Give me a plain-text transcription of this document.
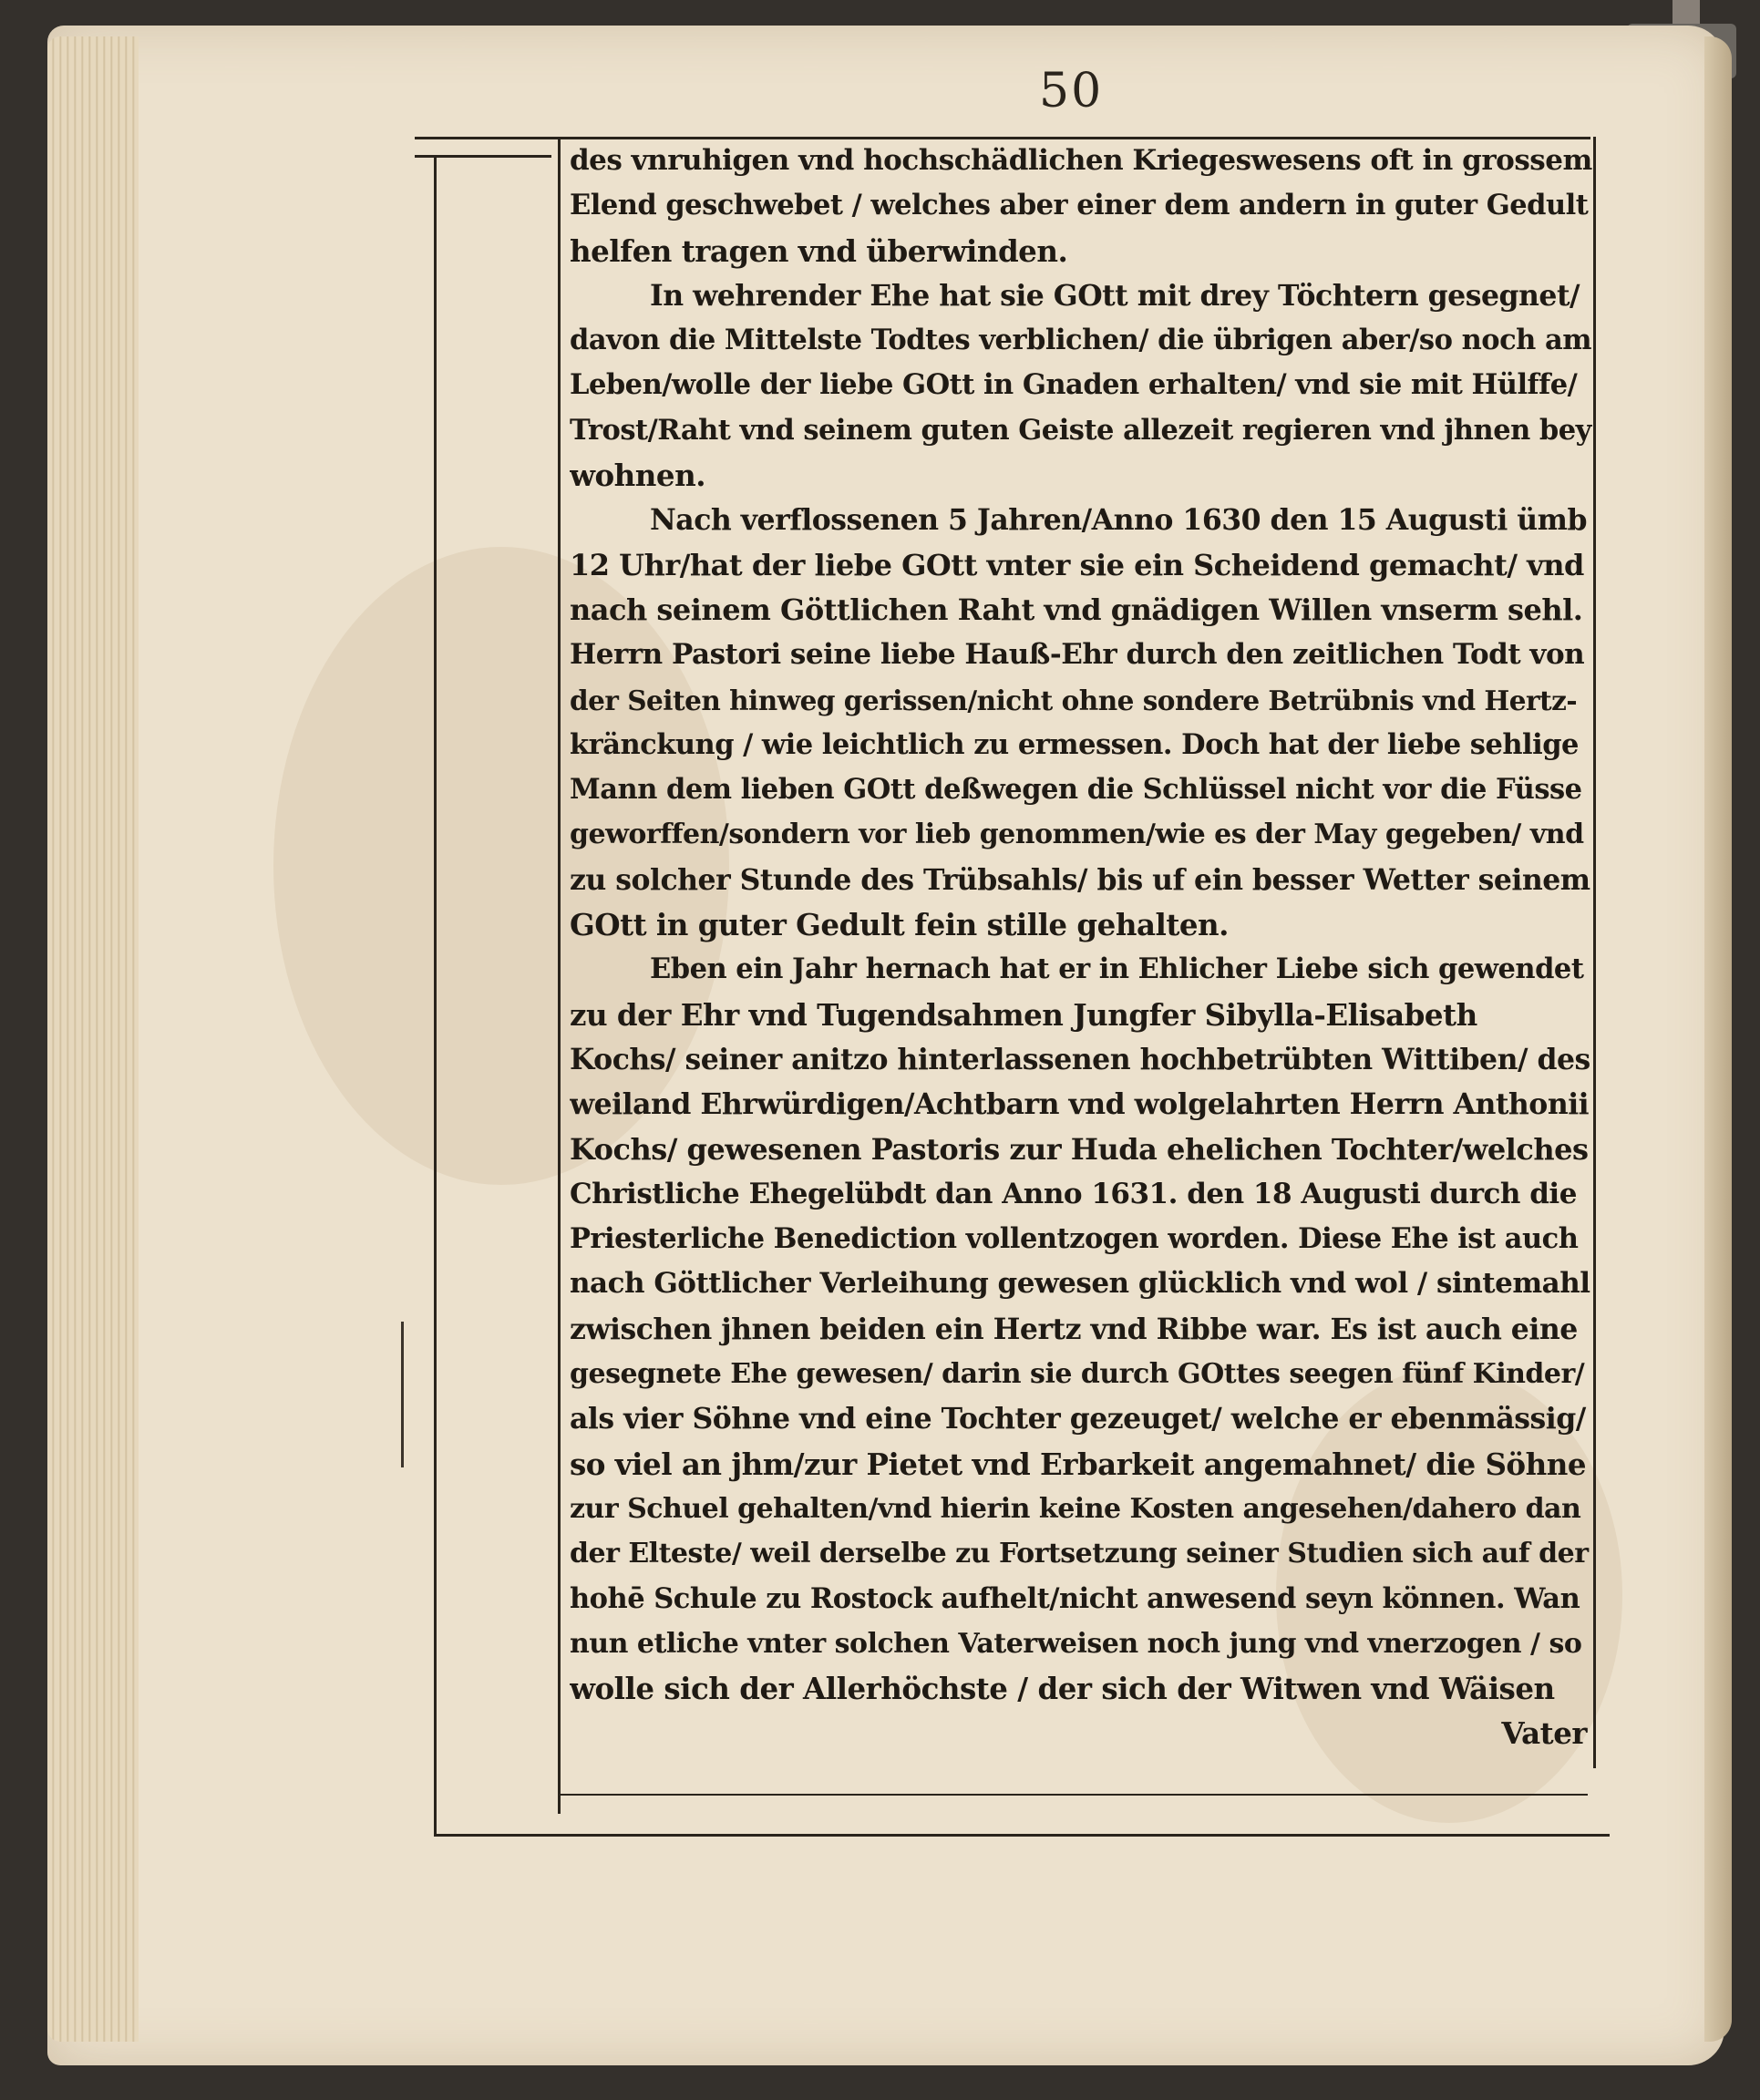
50
des vnruhigen vnd hochschädlichen Kriegeswesens oft in grossem
Elend geschwebet / welches aber einer dem andern in guter Gedult
helfen tragen vnd überwinden.
In wehrender Ehe hat sie GOtt mit drey Töchtern gesegnet/
davon die Mittelste Todtes verblichen/ die übrigen aber/so noch am
Leben/wolle der liebe GOtt in Gnaden erhalten/ vnd sie mit Hülffe/
Trost/Raht vnd seinem guten Geiste allezeit regieren vnd jhnen bey
wohnen.
Nach verflossenen 5 Jahren/Anno 1630 den 15 Augusti ümb
12 Uhr/hat der liebe GOtt vnter sie ein Scheidend gemacht/ vnd
nach seinem Göttlichen Raht vnd gnädigen Willen vnserm sehl.
Herrn Pastori seine liebe Hauß-Ehr durch den zeitlichen Todt von
der Seiten hinweg gerissen/nicht ohne sondere Betrübnis vnd Hertz-
kränckung / wie leichtlich zu ermessen. Doch hat der liebe sehlige
Mann dem lieben GOtt deßwegen die Schlüssel nicht vor die Füsse
geworffen/sondern vor lieb genommen/wie es der May gegeben/ vnd
zu solcher Stunde des Trübsahls/ bis uf ein besser Wetter seinem
GOtt in guter Gedult fein stille gehalten.
Eben ein Jahr hernach hat er in Ehlicher Liebe sich gewendet
zu der Ehr vnd Tugendsahmen Jungfer Sibylla-Elisabeth
Kochs/ seiner anitzo hinterlassenen hochbetrübten Wittiben/ des
weiland Ehrwürdigen/Achtbarn vnd wolgelahrten Herrn Anthonii
Kochs/ gewesenen Pastoris zur Huda ehelichen Tochter/welches
Christliche Ehegelübdt dan Anno 1631. den 18 Augusti durch die
Priesterliche Benediction vollentzogen worden. Diese Ehe ist auch
nach Göttlicher Verleihung gewesen glücklich vnd wol / sintemahl
zwischen jhnen beiden ein Hertz vnd Ribbe war. Es ist auch eine
gesegnete Ehe gewesen/ darin sie durch GOttes seegen fünf Kinder/
als vier Söhne vnd eine Tochter gezeuget/ welche er ebenmässig/
so viel an jhm/zur Pietet vnd Erbarkeit angemahnet/ die Söhne
zur Schuel gehalten/vnd hierin keine Kosten angesehen/dahero dan
der Elteste/ weil derselbe zu Fortsetzung seiner Studien sich auf der
hohē Schule zu Rostock aufhelt/nicht anwesend seyn können. Wan
nun etliche vnter solchen Vaterweisen noch jung vnd vnerzogen / so
wolle sich der Allerhöchste / der sich der Witwen vnd Wäisen
Vater
